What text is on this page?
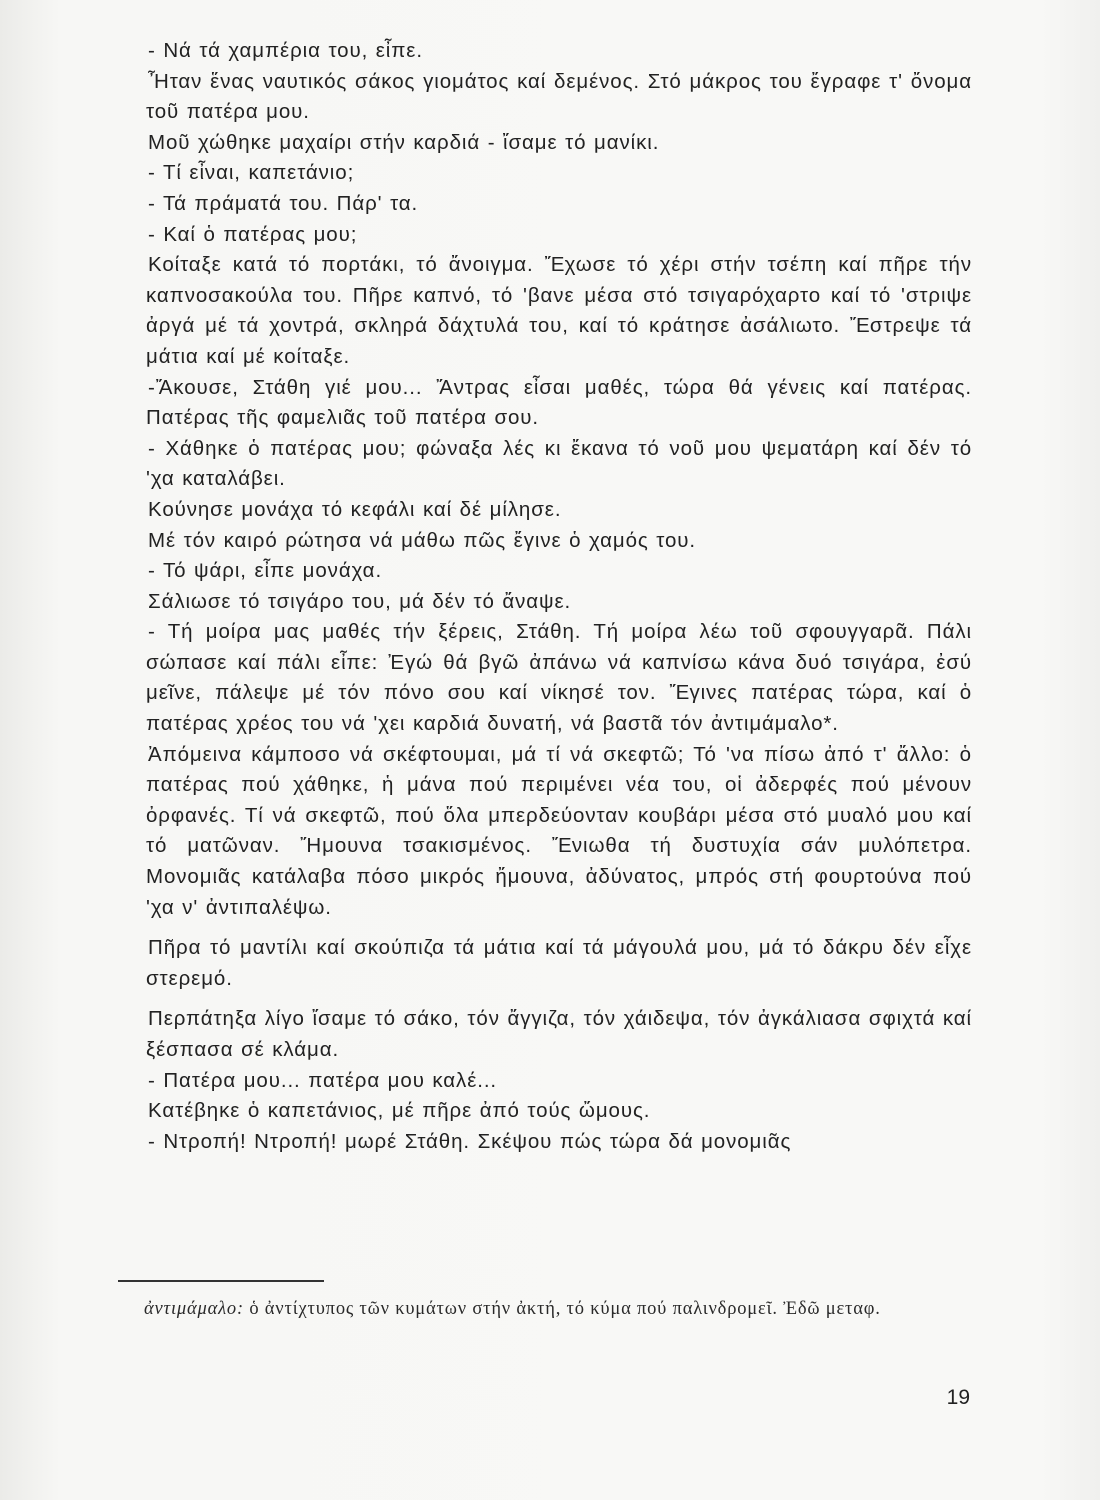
- Νά τά χαμπέρια του, εἶπε.

Ἦταν ἕνας ναυτικός σάκος γιομάτος καί δεμένος. Στό μάκρος του ἔγραφε τ' ὄνομα τοῦ πατέρα μου.

Μοῦ χώθηκε μαχαίρι στήν καρδιά - ἴσαμε τό μανίκι.

- Τί εἶναι, καπετάνιο;

- Τά πράματά του. Πάρ' τα.

- Καί ὁ πατέρας μου;

Κοίταξε κατά τό πορτάκι, τό ἄνοιγμα. Ἔχωσε τό χέρι στήν τσέπη καί πῆρε τήν καπνοσακούλα του. Πῆρε καπνό, τό 'βανε μέσα στό τσιγαρόχαρτο καί τό 'στριψε ἀργά μέ τά χοντρά, σκληρά δάχτυλά του, καί τό κράτησε ἀσάλιωτο. Ἔστρεψε τά μάτια καί μέ κοίταξε.

-Ἄκουσε, Στάθη γιέ μου... Ἄντρας εἶσαι μαθές, τώρα θά γένεις καί πατέρας. Πατέρας τῆς φαμελιᾶς τοῦ πατέρα σου.

- Χάθηκε ὁ πατέρας μου; φώναξα λές κι ἔκανα τό νοῦ μου ψεματάρη καί δέν τό 'χα καταλάβει.

Κούνησε μονάχα τό κεφάλι καί δέ μίλησε.

Μέ τόν καιρό ρώτησα νά μάθω πῶς ἔγινε ὁ χαμός του.

- Τό ψάρι, εἶπε μονάχα.

Σάλιωσε τό τσιγάρο του, μά δέν τό ἄναψε.

- Τή μοίρα μας μαθές τήν ξέρεις, Στάθη. Τή μοίρα λέω τοῦ σφουγγαρᾶ. Πάλι σώπασε καί πάλι εἶπε: Ἐγώ θά βγῶ ἀπάνω νά καπνίσω κάνα δυό τσιγάρα, ἐσύ μεῖνε, πάλεψε μέ τόν πόνο σου καί νίκησέ τον. Ἔγινες πατέρας τώρα, καί ὁ πατέρας χρέος του νά 'χει καρδιά δυνατή, νά βαστᾶ τόν ἀντιμάμαλο*.

Ἀπόμεινα κάμποσο νά σκέφτουμαι, μά τί νά σκεφτῶ; Τό 'να πίσω ἀπό τ' ἄλλο: ὁ πατέρας πού χάθηκε, ἡ μάνα πού περιμένει νέα του, οἱ ἀδερφές πού μένουν ὀρφανές. Τί νά σκεφτῶ, πού ὅλα μπερδεύονταν κουβάρι μέσα στό μυαλό μου καί τό ματῶναν. Ἤμουνα τσακισμένος. Ἔνιωθα τή δυστυχία σάν μυλόπετρα. Μονομιᾶς κατάλαβα πόσο μικρός ἤμουνα, ἀδύνατος, μπρός στή φουρτούνα πού 'χα ν' ἀντιπαλέψω.

Πῆρα τό μαντίλι καί σκούπιζα τά μάτια καί τά μάγουλά μου, μά τό δάκρυ δέν εἶχε στερεμό.

Περπάτηξα λίγο ἴσαμε τό σάκο, τόν ἄγγιζα, τόν χάιδεψα, τόν ἀγκάλιασα σφιχτά καί ξέσπασα σέ κλάμα.

- Πατέρα μου... πατέρα μου καλέ...

Κατέβηκε ὁ καπετάνιος, μέ πῆρε ἀπό τούς ὤμους.

- Ντροπή! Ντροπή! μωρέ Στάθη. Σκέψου πώς τώρα δά μονομιᾶς

ἀντιμάμαλο: ὁ ἀντίχτυπος τῶν κυμάτων στήν ἀκτή, τό κύμα πού παλινδρομεῖ. Ἐδῶ μεταφ.
19
